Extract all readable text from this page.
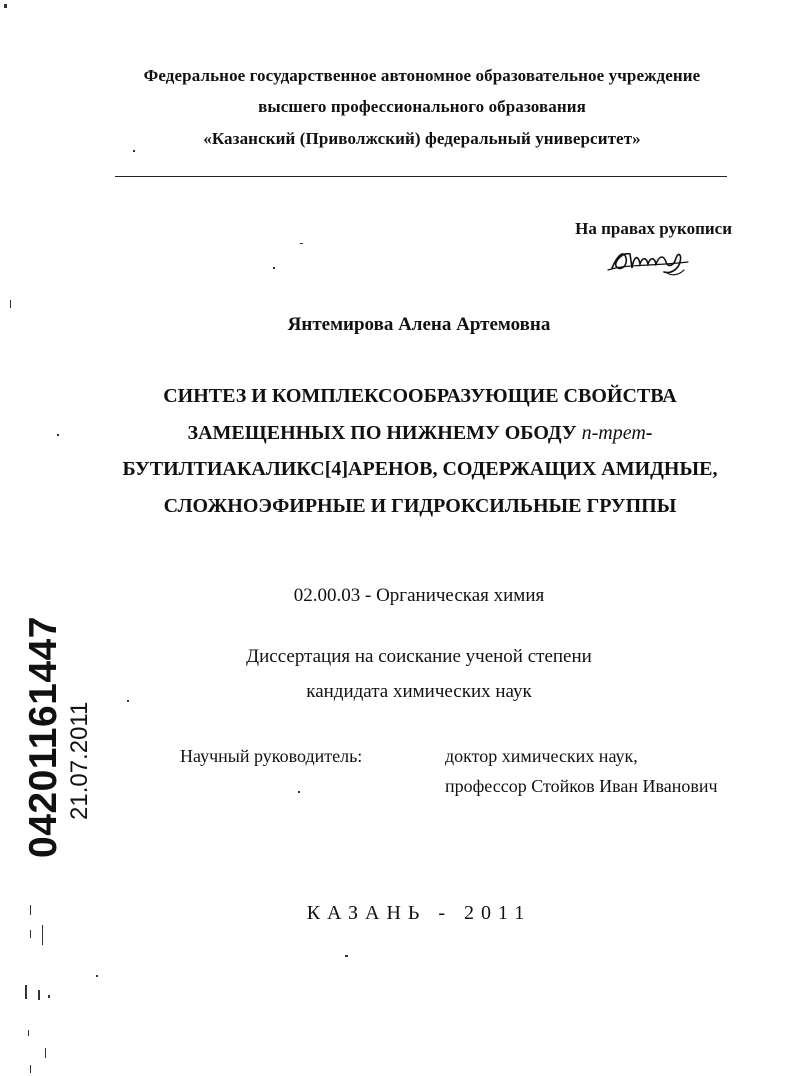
Федеральное государственное автономное образовательное учреждение
высшего профессионального образования
«Казанский (Приволжский) федеральный университет»
На правах рукописи
Янтемирова Алена Артемовна
СИНТЕЗ И КОМПЛЕКСООБРАЗУЮЩИЕ СВОЙСТВА ЗАМЕЩЕННЫХ ПО НИЖНЕМУ ОБОДУ п-трет-БУТИЛТИАКАЛИКС[4]АРЕНОВ, СОДЕРЖАЩИХ АМИДНЫЕ, СЛОЖНОЭФИРНЫЕ И ГИДРОКСИЛЬНЫЕ ГРУППЫ
02.00.03 - Органическая химия
Диссертация на соискание ученой степени
кандидата химических наук
Научный руководитель:	доктор химических наук,
профессор Стойков Иван Иванович
КАЗАНЬ - 2011
04201161447 21.07.2011
